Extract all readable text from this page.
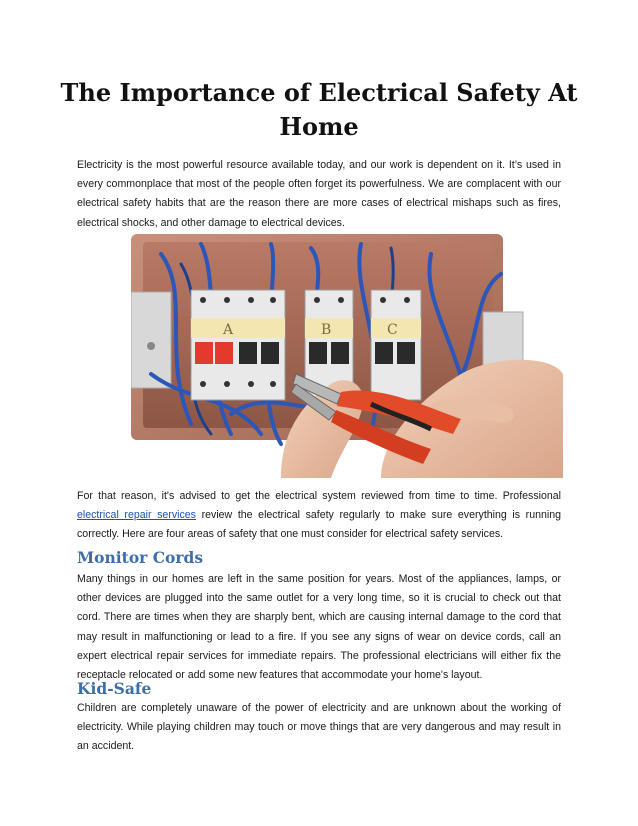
The Importance of Electrical Safety At Home

Electricity is the most powerful resource available today, and our work is dependent on it. It’s used in every commonplace that most of the people often forget its powerfulness. We are complacent with our electrical safety habits that are the reason there are more cases of electrical mishaps such as fires, electrical shocks, and other damage to electrical devices.

A	B	C

For that reason, it's advised to get the electrical system reviewed from time to time. Professional electrical repair services review the electrical safety regularly to make sure everything is running correctly. Here are four areas of safety that one must consider for electrical safety services.

Monitor Cords

Many things in our homes are left in the same position for years. Most of the appliances, lamps, or other devices are plugged into the same outlet for a very long time, so it is crucial to check out that cord. There are times when they are sharply bent, which are causing internal damage to the cord that may result in malfunctioning or lead to a fire. If you see any signs of wear on device cords, call an expert electrical repair services for immediate repairs. The professional electricians will either fix the receptacle relocated or add some new features that accommodate your home's layout.

Kid-Safe

Children are completely unaware of the power of electricity and are unknown about the working of electricity. While playing children may touch or move things that are very dangerous and may result in an accident.
